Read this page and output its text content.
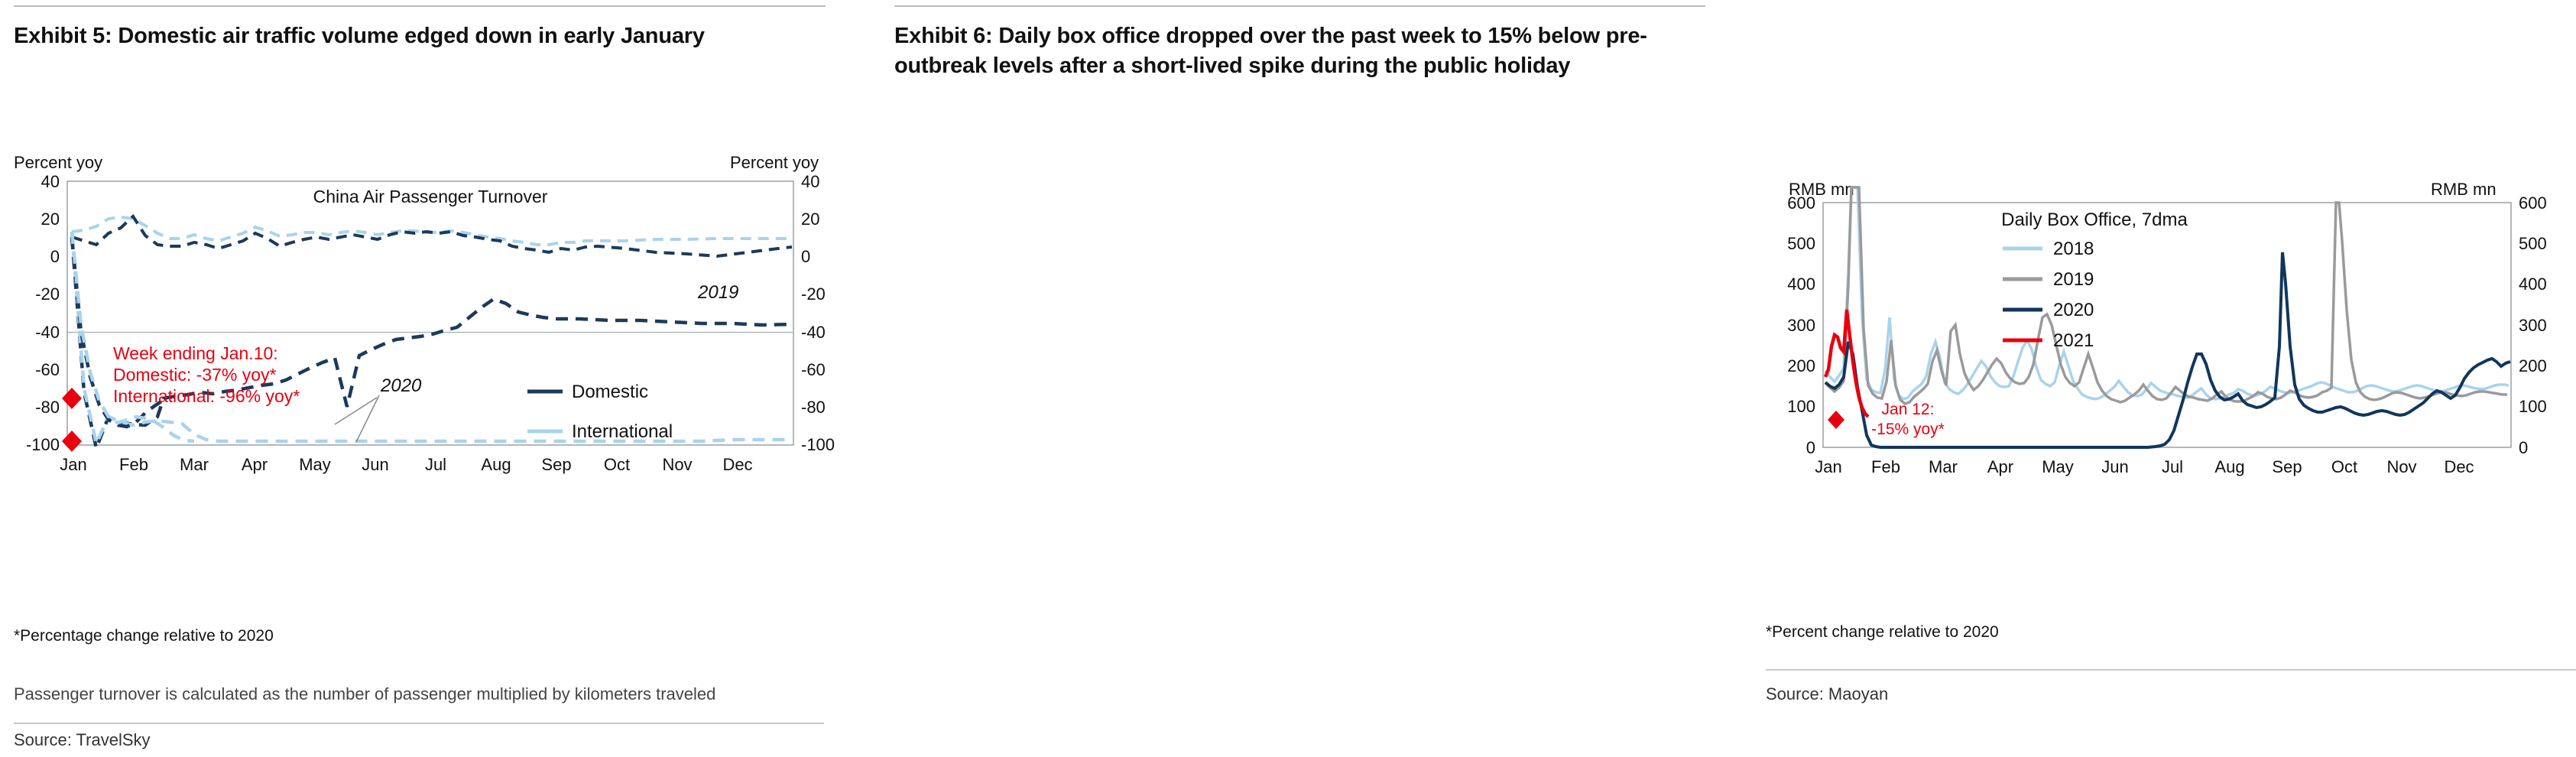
Exhibit 5: Domestic air traffic volume edged down in early January
Percent yoy	Percent yoy
40
20
0
-20
-40
-60
-80
-100
40
20
0
-20
-40
-60
-80
-100
Jan Feb Mar Apr May Jun Jul Aug Sep Oct Nov Dec
China Air Passenger Turnover
Week ending Jan.10:
Domestic: -37% yoy*
International: -96% yoy*
2019
2020	Domestic
International
*Percentage change relative to 2020
Passenger turnover is calculated as the number of passenger multiplied by kilometers traveled
Source: TravelSky
Exhibit 6: Daily box office dropped over the past week to 15% below pre-outbreak levels after a short-lived spike during the public holiday
RMB mn	RMB mn
600
500
400
300
200
100
0
600
500
400
300
200
100
0
Jan Feb Mar Apr May Jun Jul Aug Sep Oct Nov Dec
Daily Box Office, 7dma
Jan 12:
-15% yoy*
2018
2019
2020
2021
*Percent change relative to 2020
Source: Maoyan
